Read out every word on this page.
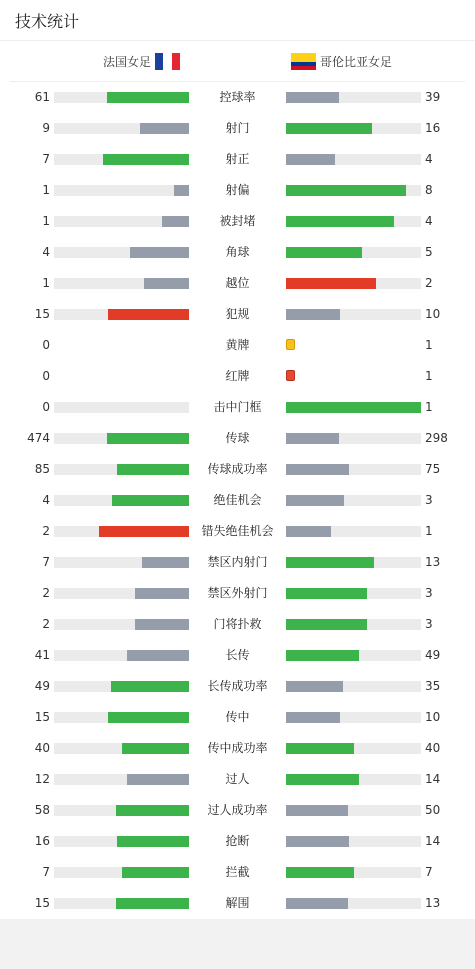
技术统计
法国女足	哥伦比亚女足
61	控球率	39
9	射门	16
7	射正	4
1	射偏	8
1	被封堵	4
4	角球	5
1	越位	2
15	犯规	10
0	黄牌	1
0	红牌	1
0	击中门框	1
474	传球	298
85	传球成功率	75
4	绝佳机会	3
2	错失绝佳机会	1
7	禁区内射门	13
2	禁区外射门	3
2	门将扑救	3
41	长传	49
49	长传成功率	35
15	传中	10
40	传中成功率	40
12	过人	14
58	过人成功率	50
16	抢断	14
7	拦截	7
15	解围	13
